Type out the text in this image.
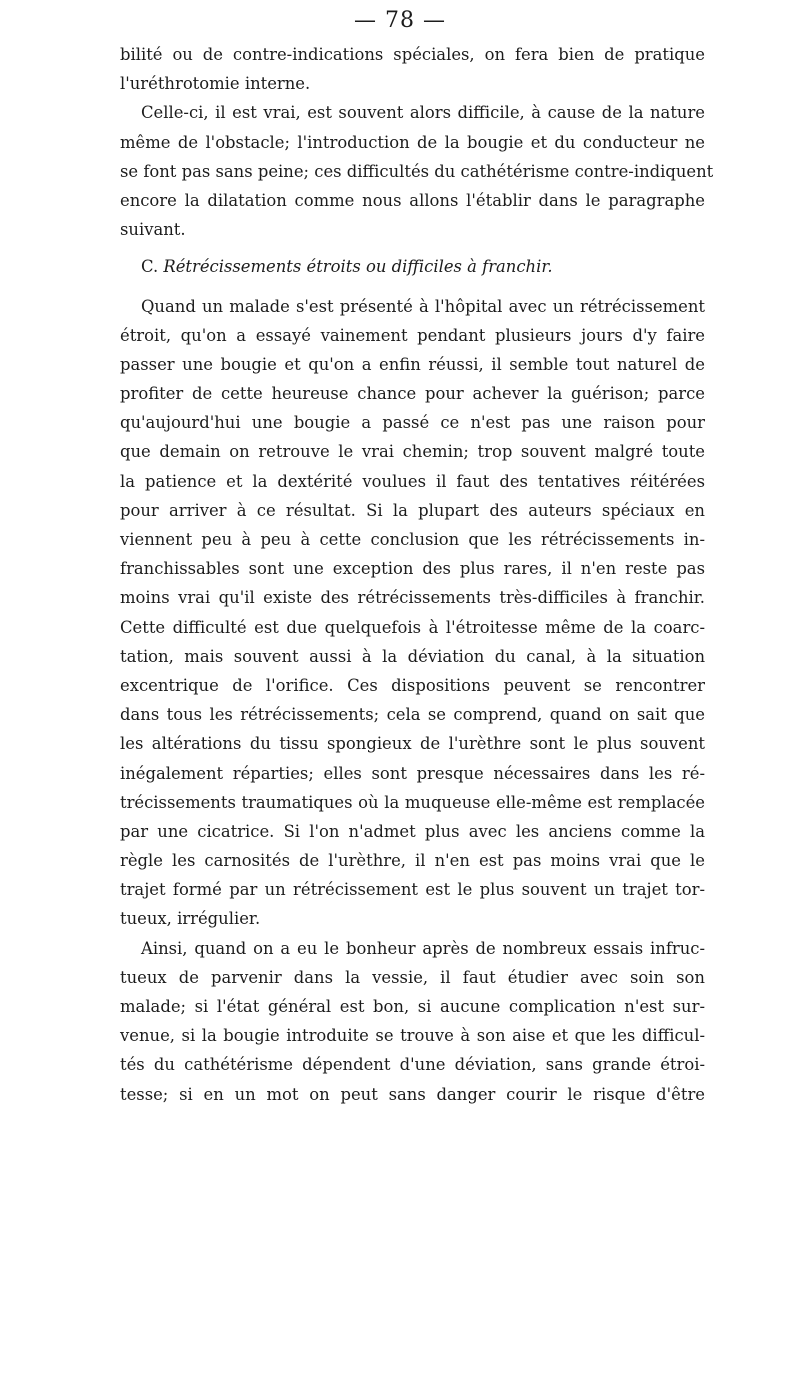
— 78 —
bilité ou de contre-indications spéciales, on fera bien de pratique
l'uréthrotomie interne.
Celle-ci, il est vrai, est souvent alors difficile, à cause de la nature
même de l'obstacle; l'introduction de la bougie et du conducteur ne
se font pas sans peine; ces difficultés du cathétérisme contre-indiquent
encore la dilatation comme nous allons l'établir dans le paragraphe
suivant.
C. Rétrécissements étroits ou difficiles à franchir.
Quand un malade s'est présenté à l'hôpital avec un rétrécissement
étroit, qu'on a essayé vainement pendant plusieurs jours d'y faire
passer une bougie et qu'on a enfin réussi, il semble tout naturel de
profiter de cette heureuse chance pour achever la guérison; parce
qu'aujourd'hui une bougie a passé ce n'est pas une raison pour
que demain on retrouve le vrai chemin; trop souvent malgré toute
la patience et la dextérité voulues il faut des tentatives réitérées
pour arriver à ce résultat. Si la plupart des auteurs spéciaux en
viennent peu à peu à cette conclusion que les rétrécissements in-
franchissables sont une exception des plus rares, il n'en reste pas
moins vrai qu'il existe des rétrécissements très-difficiles à franchir.
Cette difficulté est due quelquefois à l'étroitesse même de la coarc-
tation, mais souvent aussi à la déviation du canal, à la situation
excentrique de l'orifice. Ces dispositions peuvent se rencontrer
dans tous les rétrécissements; cela se comprend, quand on sait que
les altérations du tissu spongieux de l'urèthre sont le plus souvent
inégalement réparties; elles sont presque nécessaires dans les ré-
trécissements traumatiques où la muqueuse elle-même est remplacée
par une cicatrice. Si l'on n'admet plus avec les anciens comme la
règle les carnosités de l'urèthre, il n'en est pas moins vrai que le
trajet formé par un rétrécissement est le plus souvent un trajet tor-
tueux, irrégulier.
Ainsi, quand on a eu le bonheur après de nombreux essais infruc-
tueux de parvenir dans la vessie, il faut étudier avec soin son
malade; si l'état général est bon, si aucune complication n'est sur-
venue, si la bougie introduite se trouve à son aise et que les difficul-
tés du cathétérisme dépendent d'une déviation, sans grande étroi-
tesse; si en un mot on peut sans danger courir le risque d'être
